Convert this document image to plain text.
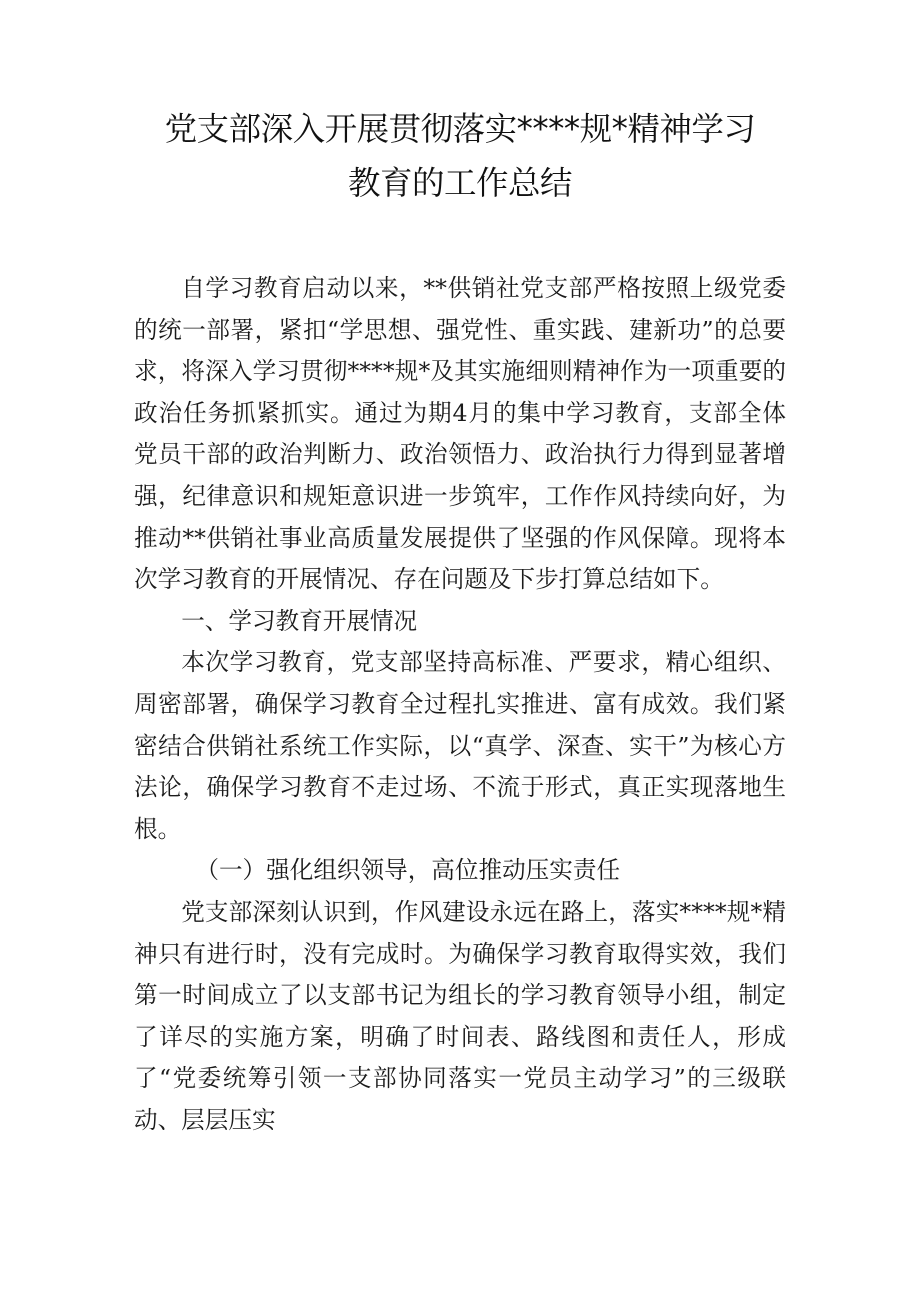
党支部深入开展贯彻落实****规*精神学习
教育的工作总结

自学习教育启动以来，**供销社党支部严格按照上级党委的统一部署，紧扣“学思想、强党性、重实践、建新功”的总要求，将深入学习贯彻****规*及其实施细则精神作为一项重要的政治任务抓紧抓实。通过为期4月的集中学习教育，支部全体党员干部的政治判断力、政治领悟力、政治执行力得到显著增强，纪律意识和规矩意识进一步筑牢，工作作风持续向好，为推动**供销社事业高质量发展提供了坚强的作风保障。现将本次学习教育的开展情况、存在问题及下步打算总结如下。

一、学习教育开展情况

本次学习教育，党支部坚持高标准、严要求，精心组织、周密部署，确保学习教育全过程扎实推进、富有成效。我们紧密结合供销社系统工作实际，以“真学、深查、实干”为核心方法论，确保学习教育不走过场、不流于形式，真正实现落地生根。

（一）强化组织领导，高位推动压实责任

党支部深刻认识到，作风建设永远在路上，落实****规*精神只有进行时，没有完成时。为确保学习教育取得实效，我们第一时间成立了以支部书记为组长的学习教育领导小组，制定了详尽的实施方案，明确了时间表、路线图和责任人，形成了“党委统筹引领一支部协同落实一党员主动学习”的三级联动、层层压实
